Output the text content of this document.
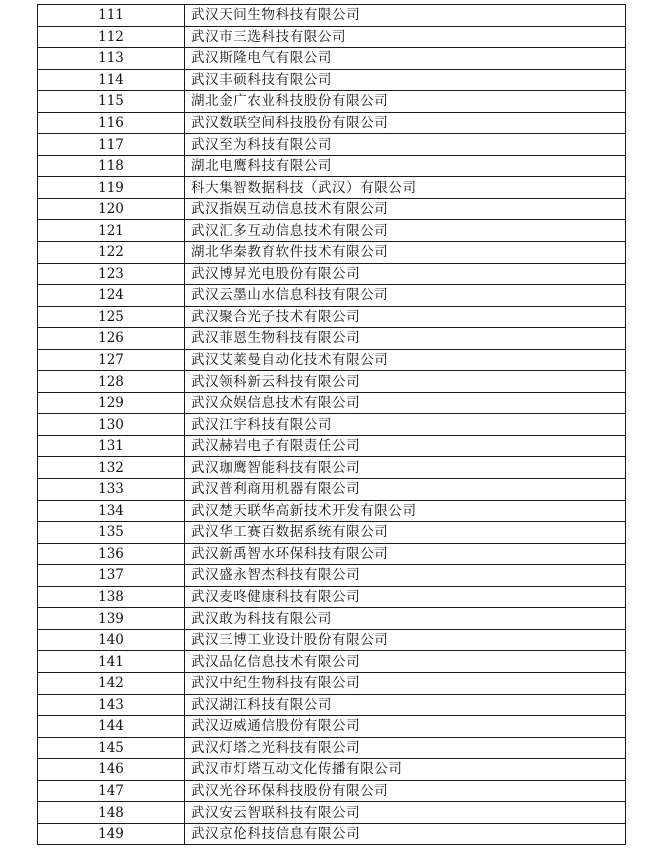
111	武汉天问生物科技有限公司
112	武汉市三选科技有限公司
113	武汉斯隆电气有限公司
114	武汉丰硕科技有限公司
115	湖北金广农业科技股份有限公司
116	武汉数联空间科技股份有限公司
117	武汉至为科技有限公司
118	湖北电鹰科技有限公司
119	科大集智数据科技（武汉）有限公司
120	武汉指娱互动信息技术有限公司
121	武汉汇多互动信息技术有限公司
122	湖北华秦教育软件技术有限公司
123	武汉博昇光电股份有限公司
124	武汉云墨山水信息科技有限公司
125	武汉聚合光子技术有限公司
126	武汉菲恩生物科技有限公司
127	武汉艾莱曼自动化技术有限公司
128	武汉领科新云科技有限公司
129	武汉众娱信息技术有限公司
130	武汉江宇科技有限公司
131	武汉赫岩电子有限责任公司
132	武汉珈鹰智能科技有限公司
133	武汉普利商用机器有限公司
134	武汉楚天联华高新技术开发有限公司
135	武汉华工赛百数据系统有限公司
136	武汉新禹智水环保科技有限公司
137	武汉盛永智杰科技有限公司
138	武汉麦咚健康科技有限公司
139	武汉敢为科技有限公司
140	武汉三博工业设计股份有限公司
141	武汉品亿信息技术有限公司
142	武汉中纪生物科技有限公司
143	武汉湖江科技有限公司
144	武汉迈威通信股份有限公司
145	武汉灯塔之光科技有限公司
146	武汉市灯塔互动文化传播有限公司
147	武汉光谷环保科技股份有限公司
148	武汉安云智联科技有限公司
149	武汉京伦科技信息有限公司
